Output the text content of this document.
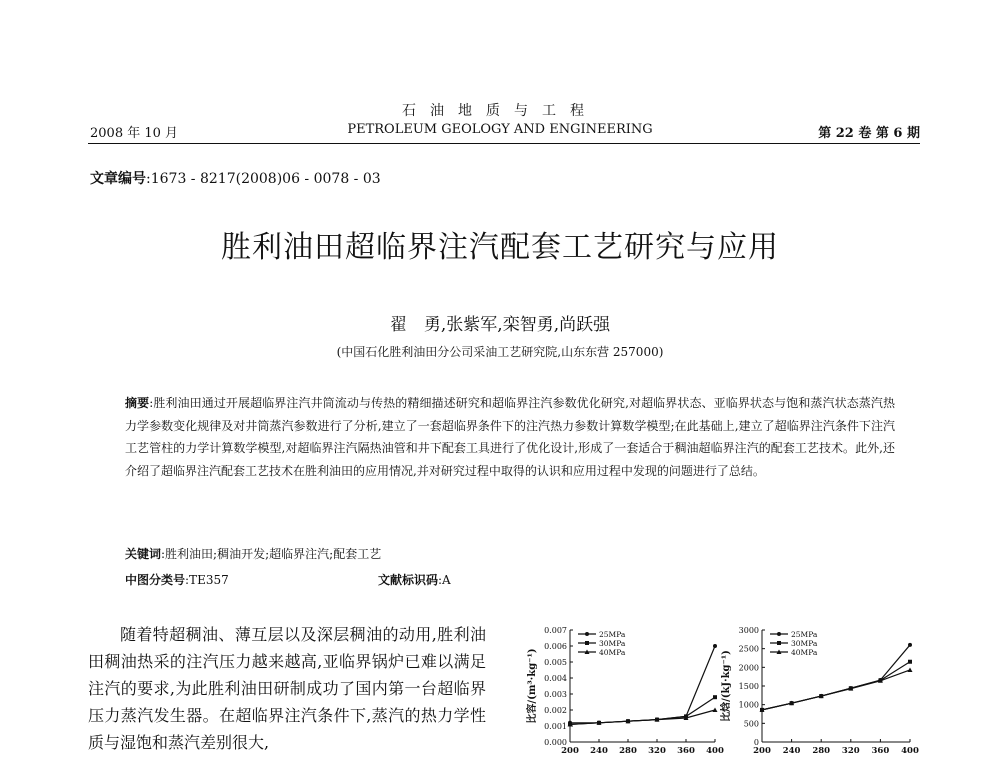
2008 年 10 月
石油地质与工程
PETROLEUM GEOLOGY AND ENGINEERING	第 22 卷 第 6 期
文章编号:1673 - 8217(2008)06 - 0078 - 03
胜利油田超临界注汽配套工艺研究与应用
翟　勇,张紫军,栾智勇,尚跃强
(中国石化胜利油田分公司采油工艺研究院,山东东营 257000)
摘要:胜利油田通过开展超临界注汽井筒流动与传热的精细描述研究和超临界注汽参数优化研究,对超临界状态、亚临界状态与饱和蒸汽状态蒸汽热力学参数变化规律及对井筒蒸汽参数进行了分析,建立了一套超临界条件下的注汽热力参数计算数学模型;在此基础上,建立了超临界注汽条件下注汽工艺管柱的力学计算数学模型,对超临界注汽隔热油管和井下配套工具进行了优化设计,形成了一套适合于稠油超临界注汽的配套工艺技术。此外,还介绍了超临界注汽配套工艺技术在胜利油田的应用情况,并对研究过程中取得的认识和应用过程中发现的问题进行了总结。
关键词:胜利油田;稠油开发;超临界注汽;配套工艺
中图分类号:TE357	文献标识码:A

随着特超稠油、薄互层以及深层稠油的动用,胜利油田稠油热采的注汽压力越来越高,亚临界锅炉已难以满足注汽的要求,为此胜利油田研制成功了国内第一台超临界压力蒸汽发生器。在超临界注汽条件下,蒸汽的热力学性质与湿饱和蒸汽差别很大,	0.000
0.001
0.002
0.003
0.004
0.005
0.006
0.007
200 240 280 320 360 400
比容/(m³·kg⁻¹)
25MPa
30MPa
40MPa
0
500
1000
1500
2000
2500
3000
200 240 280 320 360 400
比焓/(kJ·kg⁻¹)
25MPa
30MPa
40MPa
